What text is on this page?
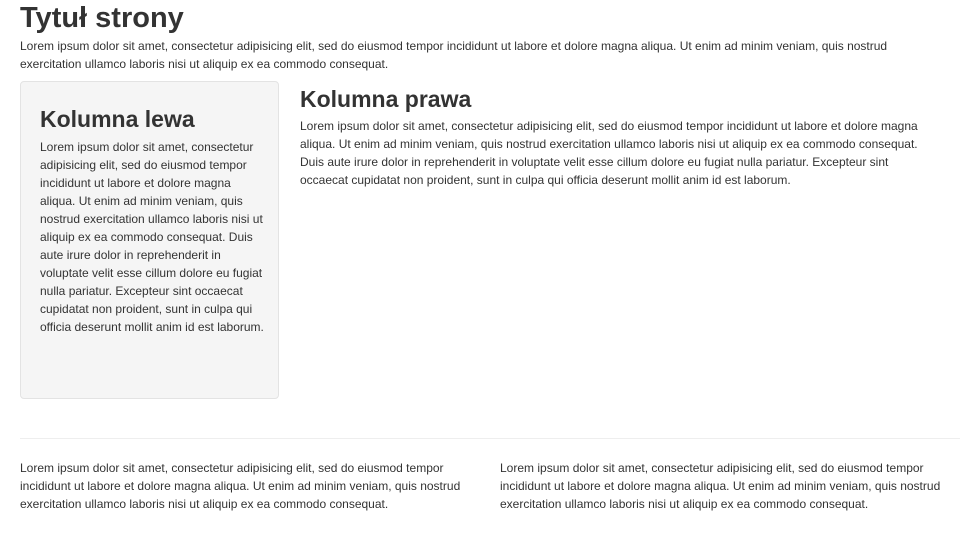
Tytuł strony

Lorem ipsum dolor sit amet, consectetur adipisicing elit, sed do eiusmod tempor incididunt ut labore et dolore magna aliqua. Ut enim ad minim veniam, quis nostrud exercitation ullamco laboris nisi ut aliquip ex ea commodo consequat.

Kolumna lewa

Lorem ipsum dolor sit amet, consectetur adipisicing elit, sed do eiusmod tempor incididunt ut labore et dolore magna aliqua. Ut enim ad minim veniam, quis nostrud exercitation ullamco laboris nisi ut aliquip ex ea commodo consequat. Duis aute irure dolor in reprehenderit in voluptate velit esse cillum dolore eu fugiat nulla pariatur. Excepteur sint occaecat cupidatat non proident, sunt in culpa qui officia deserunt mollit anim id est laborum.

Kolumna prawa

Lorem ipsum dolor sit amet, consectetur adipisicing elit, sed do eiusmod tempor incididunt ut labore et dolore magna aliqua. Ut enim ad minim veniam, quis nostrud exercitation ullamco laboris nisi ut aliquip ex ea commodo consequat. Duis aute irure dolor in reprehenderit in voluptate velit esse cillum dolore eu fugiat nulla pariatur. Excepteur sint occaecat cupidatat non proident, sunt in culpa qui officia deserunt mollit anim id est laborum.

Lorem ipsum dolor sit amet, consectetur adipisicing elit, sed do eiusmod tempor incididunt ut labore et dolore magna aliqua. Ut enim ad minim veniam, quis nostrud exercitation ullamco laboris nisi ut aliquip ex ea commodo consequat.

Lorem ipsum dolor sit amet, consectetur adipisicing elit, sed do eiusmod tempor incididunt ut labore et dolore magna aliqua. Ut enim ad minim veniam, quis nostrud exercitation ullamco laboris nisi ut aliquip ex ea commodo consequat.
